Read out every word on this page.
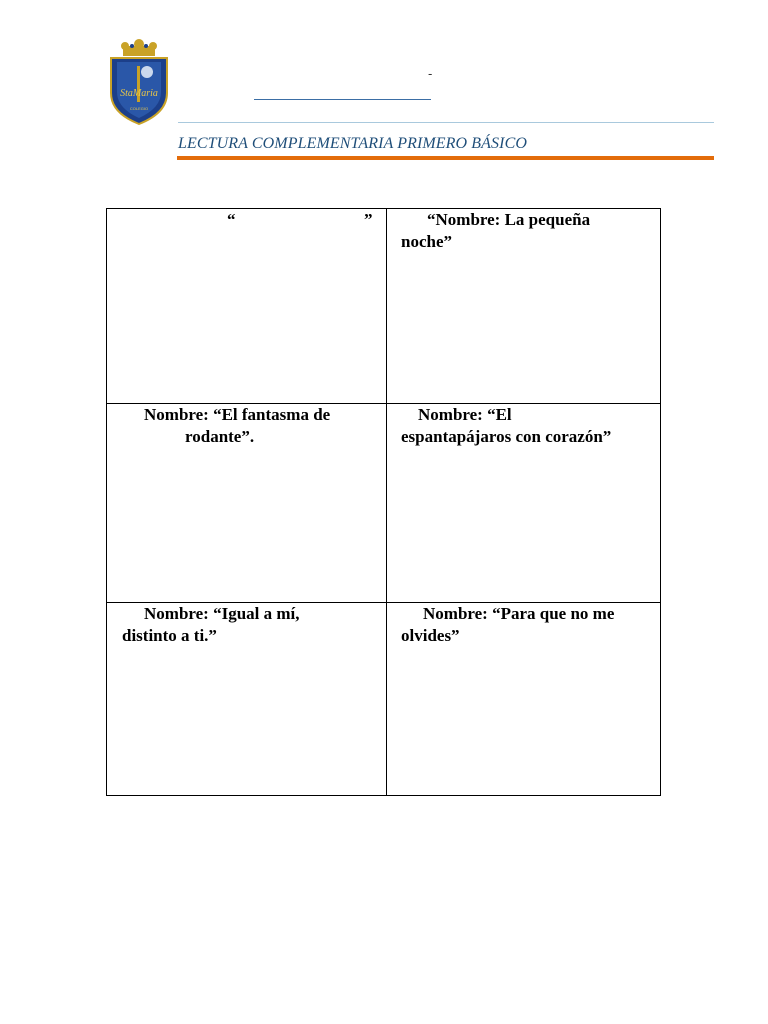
StaMaria
COLEGIO
-
LECTURA COMPLEMENTARIA PRIMERO BÁSICO
“	”	“Nombre: La pequeña
noche”
Nombre: “El fantasma de
rodante”.
Nombre: “El
espantapájaros con corazón”
Nombre: “Igual a mí,
distinto a ti.”
Nombre: “Para que no me
olvides”
